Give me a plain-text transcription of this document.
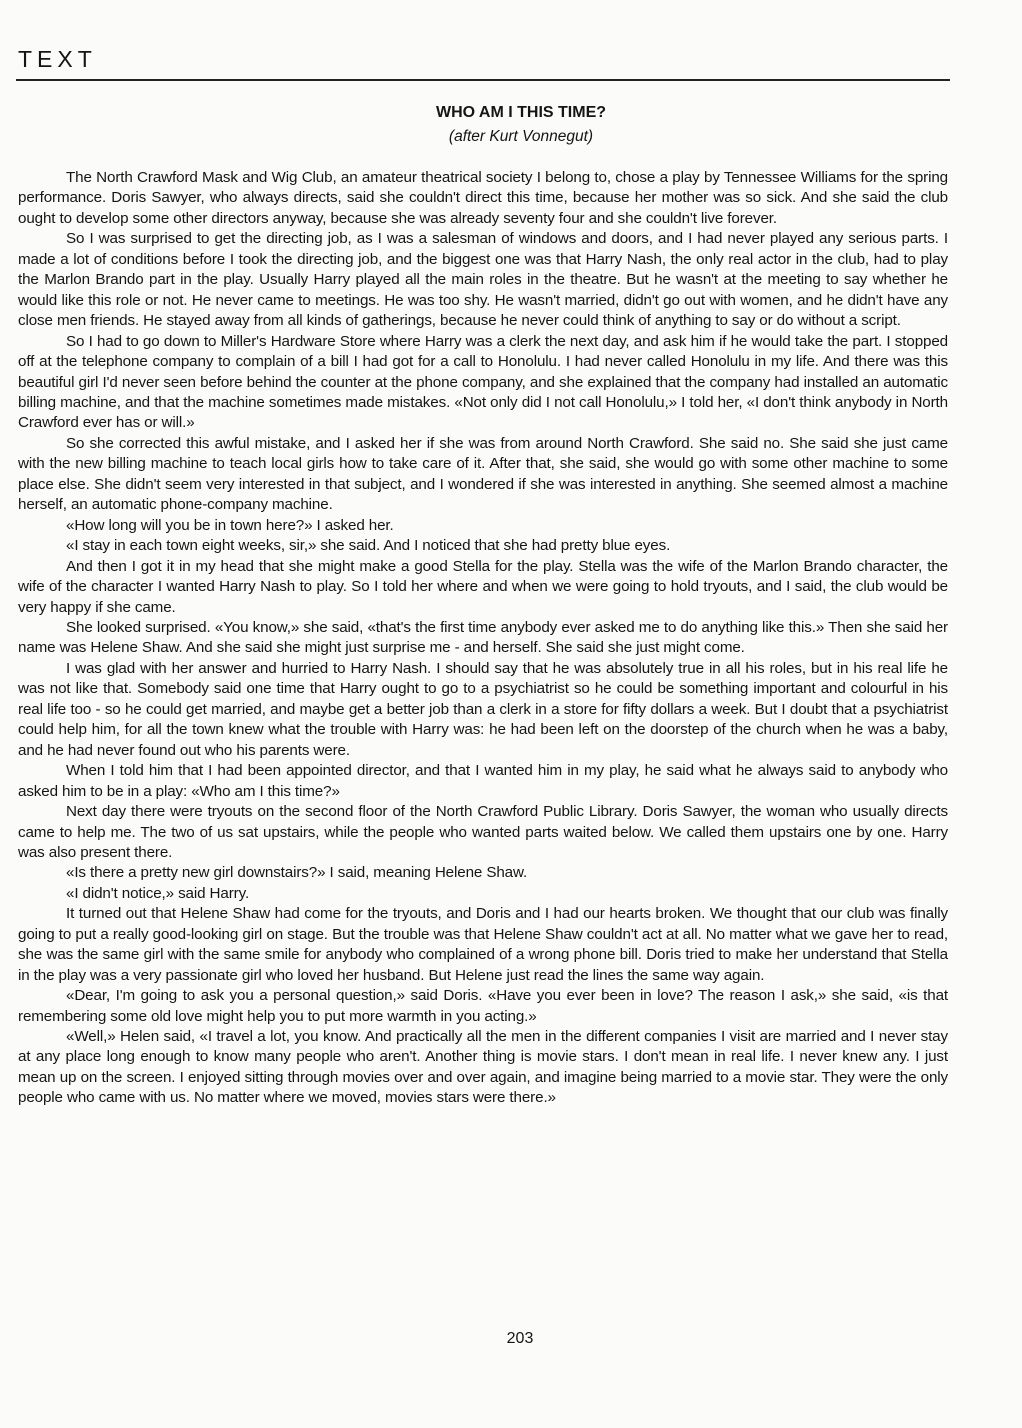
TEXT
WHO AM I THIS TIME?
(after Kurt Vonnegut)

The North Crawford Mask and Wig Club, an amateur theatrical society I belong to, chose a play by Tennessee Williams for the spring performance. Doris Sawyer, who always directs, said she couldn't direct this time, because her mother was so sick. And she said the club ought to develop some other directors anyway, because she was already seventy four and she couldn't live forever.

So I was surprised to get the directing job, as I was a salesman of windows and doors, and I had never played any serious parts. I made a lot of conditions before I took the directing job, and the biggest one was that Harry Nash, the only real actor in the club, had to play the Marlon Brando part in the play. Usually Harry played all the main roles in the theatre. But he wasn't at the meeting to say whether he would like this role or not. He never came to meetings. He was too shy. He wasn't married, didn't go out with women, and he didn't have any close men friends. He stayed away from all kinds of gatherings, because he never could think of anything to say or do without a script.

So I had to go down to Miller's Hardware Store where Harry was a clerk the next day, and ask him if he would take the part. I stopped off at the telephone company to complain of a bill I had got for a call to Honolulu. I had never called Honolulu in my life. And there was this beautiful girl I'd never seen before behind the counter at the phone company, and she explained that the company had installed an automatic billing machine, and that the machine sometimes made mistakes. «Not only did I not call Honolulu,» I told her, «I don't think anybody in North Crawford ever has or will.»

So she corrected this awful mistake, and I asked her if she was from around North Crawford. She said no. She said she just came with the new billing machine to teach local girls how to take care of it. After that, she said, she would go with some other machine to some place else. She didn't seem very interested in that subject, and I wondered if she was interested in anything. She seemed almost a machine herself, an automatic phone-company machine.

«How long will you be in town here?» I asked her.

«I stay in each town eight weeks, sir,» she said. And I noticed that she had pretty blue eyes.

And then I got it in my head that she might make a good Stella for the play. Stella was the wife of the Marlon Brando character, the wife of the character I wanted Harry Nash to play. So I told her where and when we were going to hold tryouts, and I said, the club would be very happy if she came.

She looked surprised. «You know,» she said, «that's the first time anybody ever asked me to do anything like this.» Then she said her name was Helene Shaw. And she said she might just surprise me - and herself. She said she just might come.

I was glad with her answer and hurried to Harry Nash. I should say that he was absolutely true in all his roles, but in his real life he was not like that. Somebody said one time that Harry ought to go to a psychiatrist so he could be something important and colourful in his real life too - so he could get married, and maybe get a better job than a clerk in a store for fifty dollars a week. But I doubt that a psychiatrist could help him, for all the town knew what the trouble with Harry was: he had been left on the doorstep of the church when he was a baby, and he had never found out who his parents were.

When I told him that I had been appointed director, and that I wanted him in my play, he said what he always said to anybody who asked him to be in a play: «Who am I this time?»

Next day there were tryouts on the second floor of the North Crawford Public Library. Doris Sawyer, the woman who usually directs came to help me. The two of us sat upstairs, while the people who wanted parts waited below. We called them upstairs one by one. Harry was also present there.

«Is there a pretty new girl downstairs?» I said, meaning Helene Shaw.

«I didn't notice,» said Harry.

It turned out that Helene Shaw had come for the tryouts, and Doris and I had our hearts broken. We thought that our club was finally going to put a really good-looking girl on stage. But the trouble was that Helene Shaw couldn't act at all. No matter what we gave her to read, she was the same girl with the same smile for anybody who complained of a wrong phone bill. Doris tried to make her understand that Stella in the play was a very passionate girl who loved her husband. But Helene just read the lines the same way again.

«Dear, I'm going to ask you a personal question,» said Doris. «Have you ever been in love? The reason I ask,» she said, «is that remembering some old love might help you to put more warmth in you acting.»

«Well,» Helen said, «I travel a lot, you know. And practically all the men in the different companies I visit are married and I never stay at any place long enough to know many people who aren't. Another thing is movie stars. I don't mean in real life. I never knew any. I just mean up on the screen. I enjoyed sitting through movies over and over again, and imagine being married to a movie star. They were the only people who came with us. No matter where we moved, movies stars were there.»

203
